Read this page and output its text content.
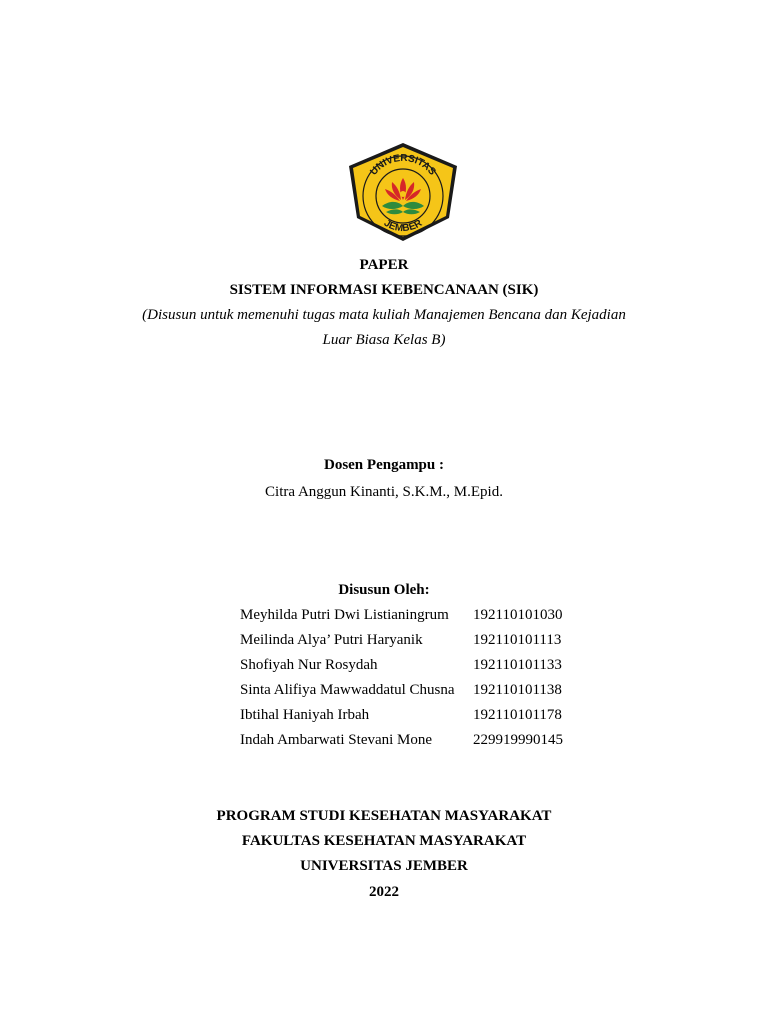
UNIVERSITAS
JEMBER
PAPER
SISTEM INFORMASI KEBENCANAAN (SIK)
(Disusun untuk memenuhi tugas mata kuliah Manajemen Bencana dan Kejadian
Luar Biasa Kelas B)
Dosen Pengampu :
Citra Anggun Kinanti, S.K.M., M.Epid.
Disusun Oleh:
Meyhilda Putri Dwi Listianingrum	192110101030
Meilinda Alya’ Putri Haryanik	192110101113
Shofiyah Nur Rosydah	192110101133
Sinta Alifiya Mawwaddatul Chusna	192110101138
Ibtihal Haniyah Irbah	192110101178
Indah Ambarwati Stevani Mone	229919990145
PROGRAM STUDI KESEHATAN MASYARAKAT
FAKULTAS KESEHATAN MASYARAKAT
UNIVERSITAS JEMBER
2022
